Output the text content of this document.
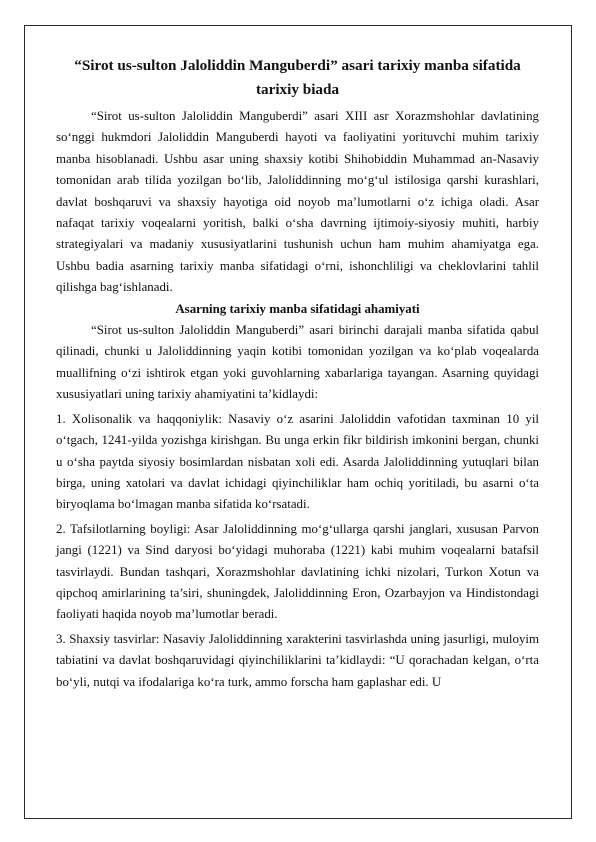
“Sirot us-sulton Jaloliddin Manguberdi” asari tarixiy manba sifatida tarixiy biada

“Sirot us-sulton Jaloliddin Manguberdi” asari XIII asr Xorazmshohlar davlatining so‘nggi hukmdori Jaloliddin Manguberdi hayoti va faoliyatini yorituvchi muhim tarixiy manba hisoblanadi. Ushbu asar uning shaxsiy kotibi Shihobiddin Muhammad an-Nasaviy tomonidan arab tilida yozilgan bo‘lib, Jaloliddinning mo‘g‘ul istilosiga qarshi kurashlari, davlat boshqaruvi va shaxsiy hayotiga oid noyob ma’lumotlarni o‘z ichiga oladi. Asar nafaqat tarixiy voqealarni yoritish, balki o‘sha davrning ijtimoiy-siyosiy muhiti, harbiy strategiyalari va madaniy xususiyatlarini tushunish uchun ham muhim ahamiyatga ega. Ushbu badia asarning tarixiy manba sifatidagi o‘rni, ishonchliligi va cheklovlarini tahlil qilishga bag‘ishlanadi.

Asarning tarixiy manba sifatidagi ahamiyati

“Sirot us-sulton Jaloliddin Manguberdi” asari birinchi darajali manba sifatida qabul qilinadi, chunki u Jaloliddinning yaqin kotibi tomonidan yozilgan va ko‘plab voqealarda muallifning o‘zi ishtirok etgan yoki guvohlarning xabarlariga tayangan. Asarning quyidagi xususiyatlari uning tarixiy ahamiyatini ta’kidlaydi:

1. Xolisonalik va haqqoniylik: Nasaviy o‘z asarini Jaloliddin vafotidan taxminan 10 yil o‘tgach, 1241-yilda yozishga kirishgan. Bu unga erkin fikr bildirish imkonini bergan, chunki u o‘sha paytda siyosiy bosimlardan nisbatan xoli edi. Asarda Jaloliddinning yutuqlari bilan birga, uning xatolari va davlat ichidagi qiyinchiliklar ham ochiq yoritiladi, bu asarni o‘ta biryoqlama bo‘lmagan manba sifatida ko‘rsatadi.

2. Tafsilotlarning boyligi: Asar Jaloliddinning mo‘g‘ullarga qarshi janglari, xususan Parvon jangi (1221) va Sind daryosi bo‘yidagi muhoraba (1221) kabi muhim voqealarni batafsil tasvirlaydi. Bundan tashqari, Xorazmshohlar davlatining ichki nizolari, Turkon Xotun va qipchoq amirlarining ta’siri, shuningdek, Jaloliddinning Eron, Ozarbayjon va Hindistondagi faoliyati haqida noyob ma’lumotlar beradi.

3. Shaxsiy tasvirlar: Nasaviy Jaloliddinning xarakterini tasvirlashda uning jasurligi, muloyim tabiatini va davlat boshqaruvidagi qiyinchiliklarini ta’kidlaydi: “U qorachadan kelgan, o‘rta bo‘yli, nutqi va ifodalariga ko‘ra turk, ammo forscha ham gaplashar edi. U
